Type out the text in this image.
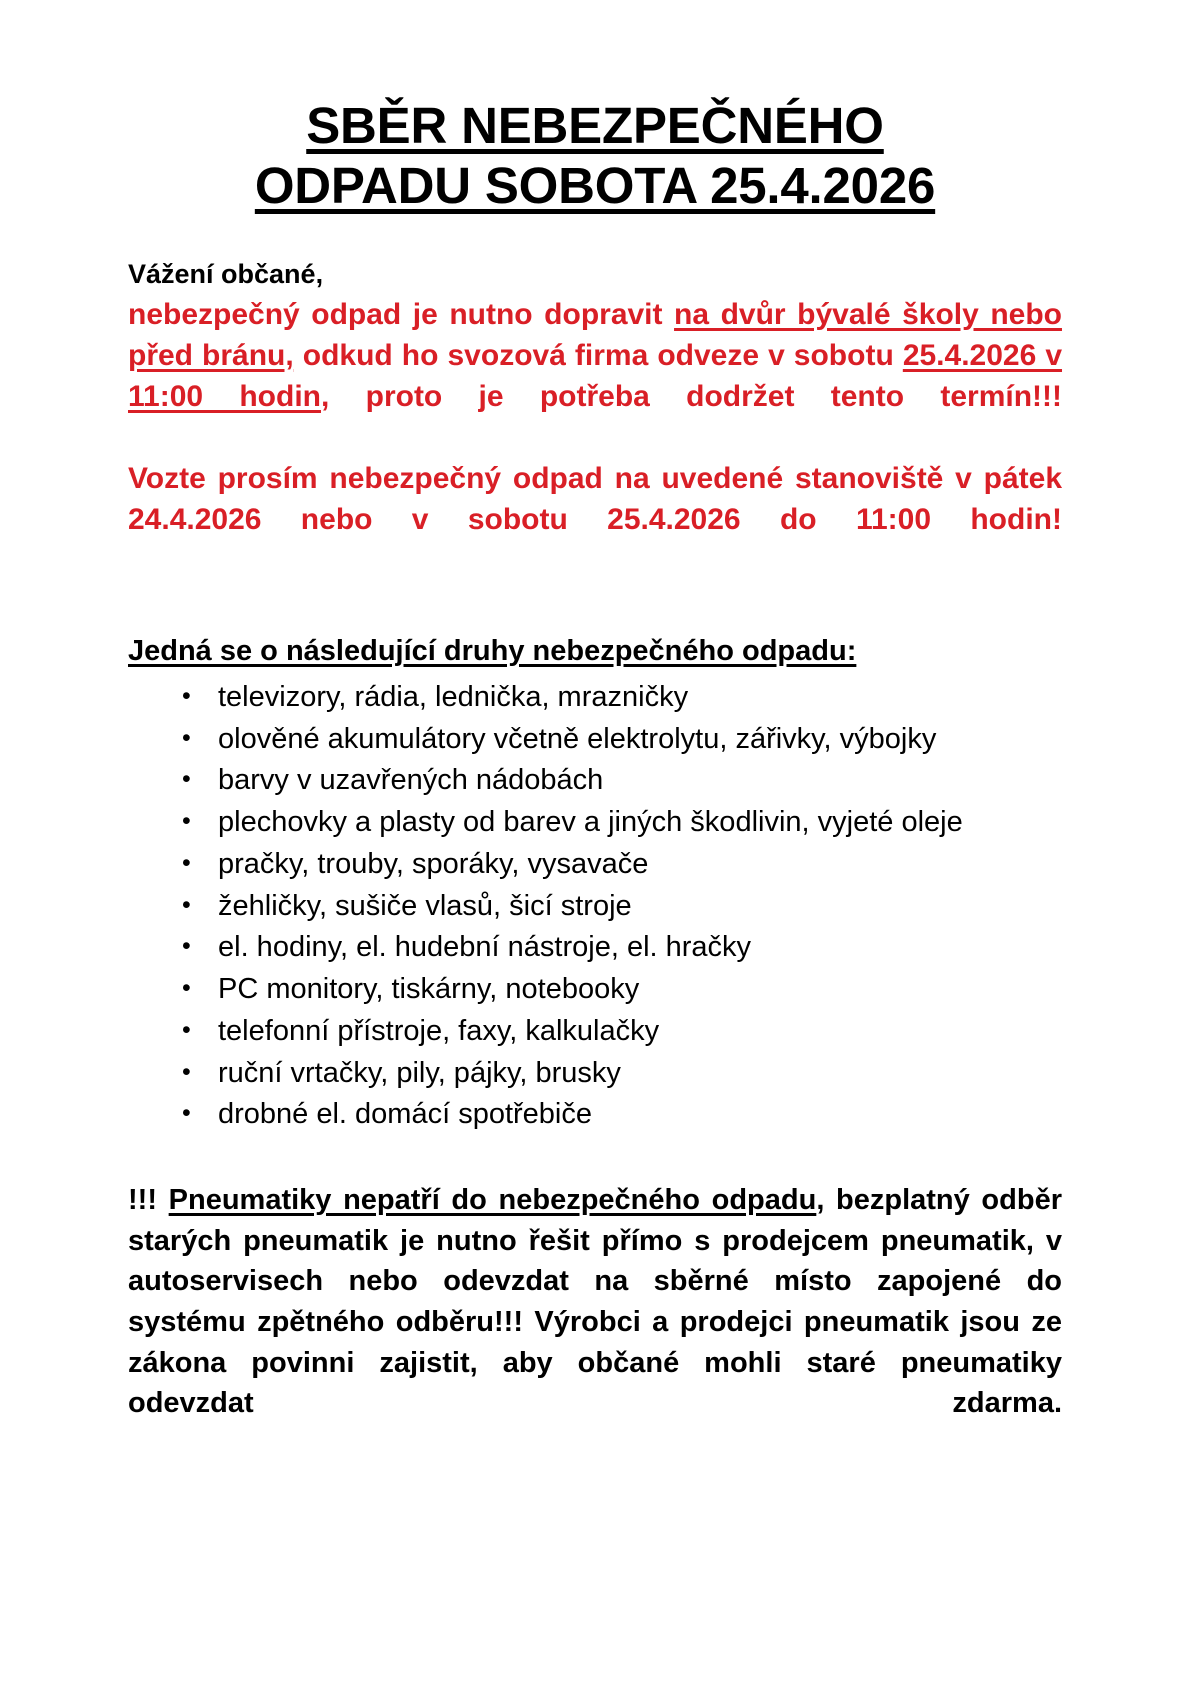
SBĚR NEBEZPEČNÉHO
ODPADU SOBOTA 25.4.2026

Vážení občané,

nebezpečný odpad je nutno dopravit na dvůr bývalé školy nebo před bránu, odkud ho svozová firma odveze v sobotu 25.4.2026 v 11:00 hodin, proto je potřeba dodržet tento termín!!!

Vozte prosím nebezpečný odpad na uvedené stanoviště v pátek 24.4.2026 nebo v sobotu 25.4.2026 do 11:00 hodin!

Jedná se o následující druhy nebezpečného odpadu:

• televizory, rádia, lednička, mrazničky
• olověné akumulátory včetně elektrolytu, zářivky, výbojky
• barvy v uzavřených nádobách
• plechovky a plasty od barev a jiných škodlivin, vyjeté oleje
• pračky, trouby, sporáky, vysavače
• žehličky, sušiče vlasů, šicí stroje
• el. hodiny, el. hudební nástroje, el. hračky
• PC monitory, tiskárny, notebooky
• telefonní přístroje, faxy, kalkulačky
• ruční vrtačky, pily, pájky, brusky
• drobné el. domácí spotřebiče

!!! Pneumatiky nepatří do nebezpečného odpadu, bezplatný odběr starých pneumatik je nutno řešit přímo s prodejcem pneumatik, v autoservisech nebo odevzdat na sběrné místo zapojené do systému zpětného odběru!!! Výrobci a prodejci pneumatik jsou ze zákona povinni zajistit, aby občané mohli staré pneumatiky odevzdat zdarma.
